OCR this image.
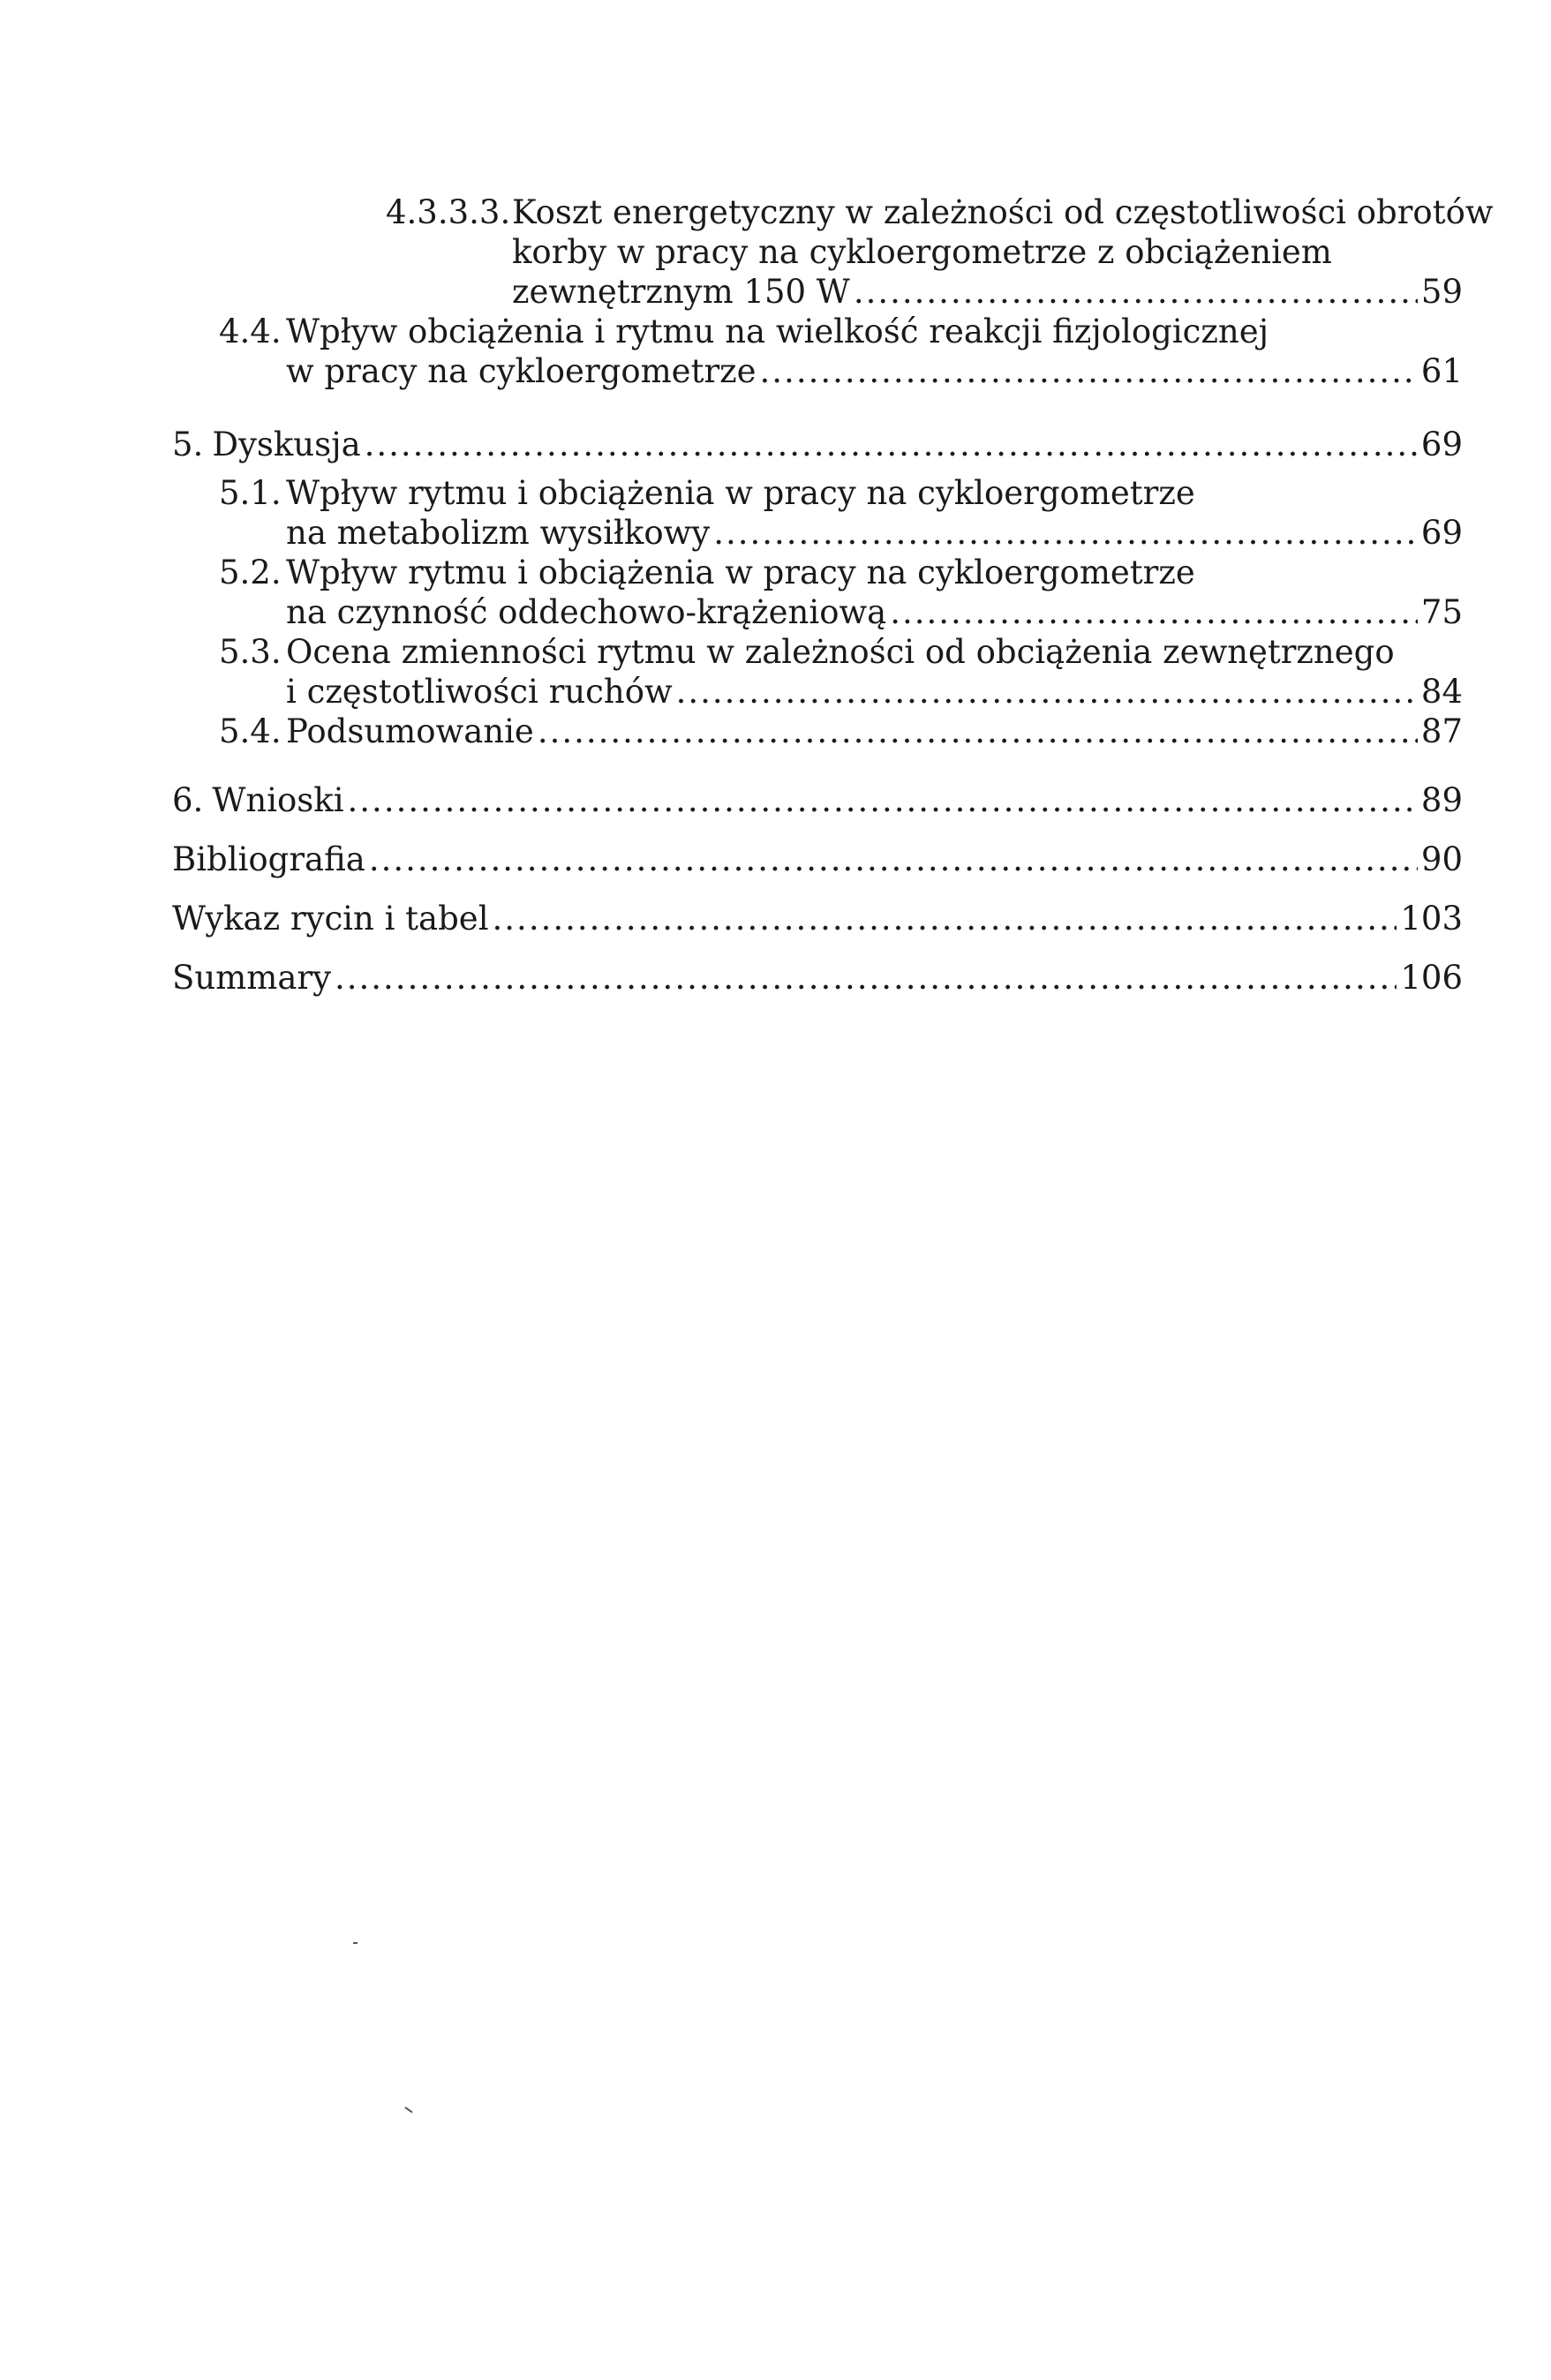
4.3.3.3. Koszt energetyczny w zależności od częstotliwości obrotów
korby w pracy na cykloergometrze z obciążeniem
zewnętrznym 150 W .....	59
4.4. Wpływ obciążenia i rytmu na wielkość reakcji fizjologicznej
w pracy na cykloergometrze .....	61
5. Dyskusja .....	69
5.1. Wpływ rytmu i obciążenia w pracy na cykloergometrze
na metabolizm wysiłkowy .....	69
5.2. Wpływ rytmu i obciążenia w pracy na cykloergometrze
na czynność oddechowo-krążeniową .....	75
5.3. Ocena zmienności rytmu w zależności od obciążenia zewnętrznego
i częstotliwości ruchów .....	84
5.4. Podsumowanie .....	87
6. Wnioski .....	89
Bibliografia .....	90
Wykaz rycin i tabel .....	103
Summary .....	106
